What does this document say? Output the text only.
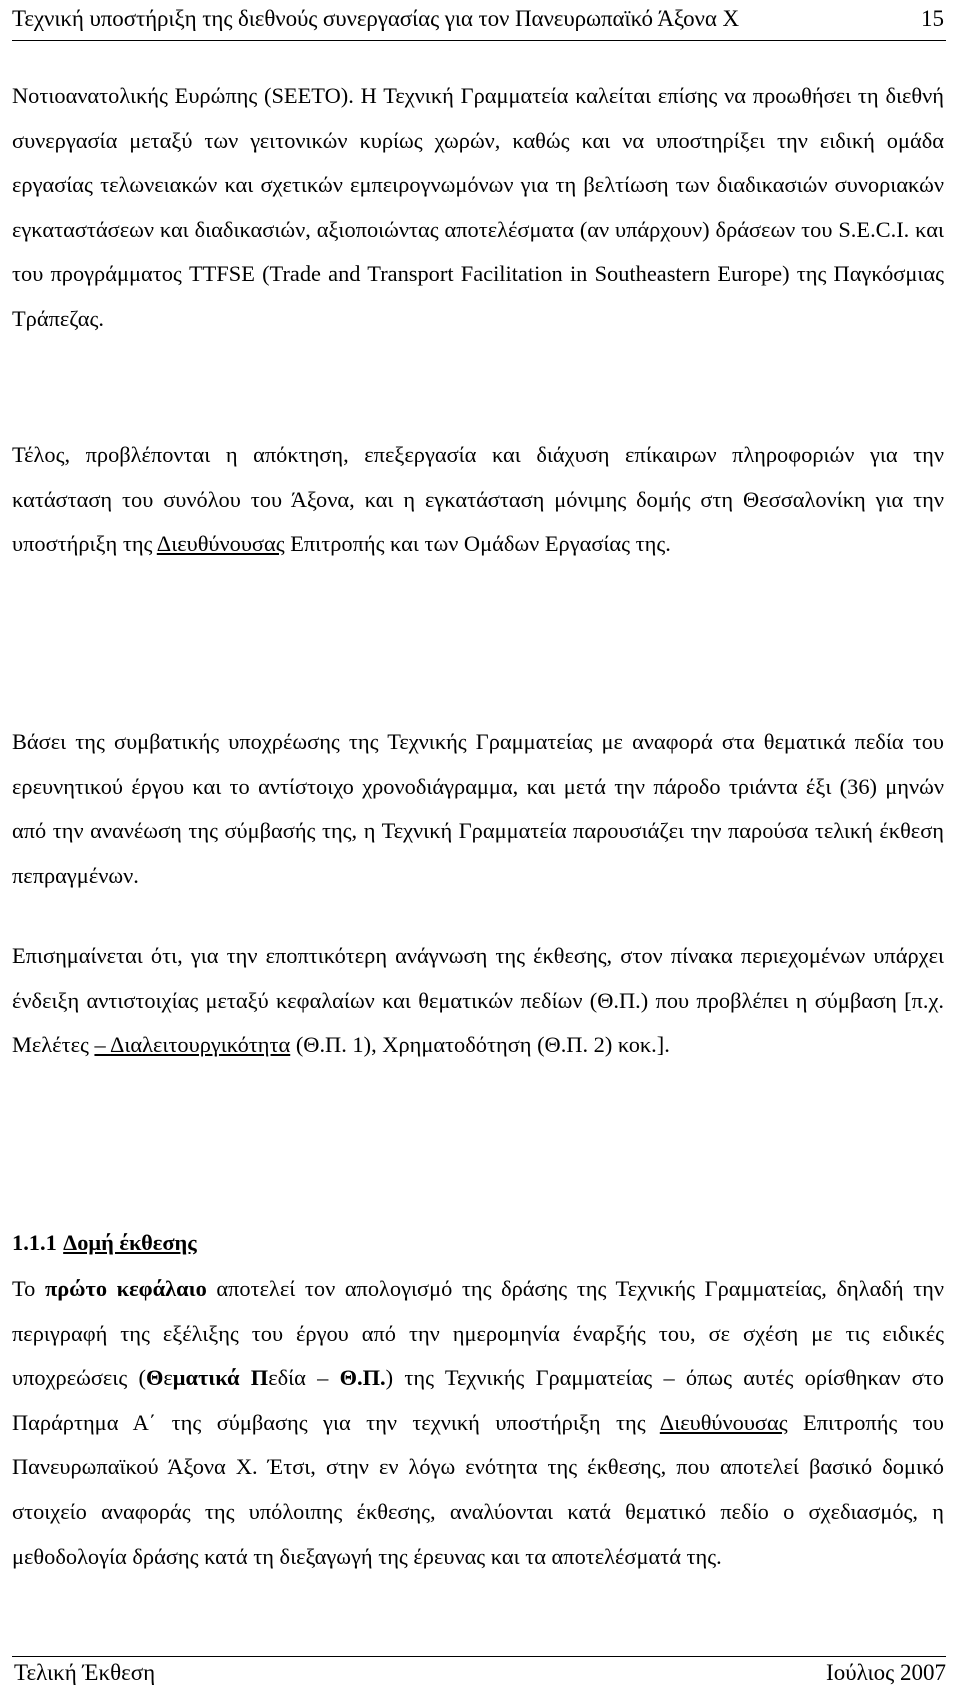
Τεχνική υποστήριξη της διεθνούς συνεργασίας για τον Πανευρωπαϊκό Άξονα Χ	15

Νοτιοανατολικής Ευρώπης (SEETO). Η Τεχνική Γραμματεία καλείται επίσης να προωθήσει τη διεθνή συνεργασία μεταξύ των γειτονικών κυρίως χωρών, καθώς και να υποστηρίξει την ειδική ομάδα εργασίας τελωνειακών και σχετικών εμπειρογνωμόνων για τη βελτίωση των διαδικασιών συνοριακών εγκαταστάσεων και διαδικασιών, αξιοποιώντας αποτελέσματα (αν υπάρχουν) δράσεων του S.E.C.I. και του προγράμματος TTFSE (Trade and Transport Facilitation in Southeastern Europe) της Παγκόσμιας Τράπεζας.

Τέλος, προβλέπονται η απόκτηση, επεξεργασία και διάχυση επίκαιρων πληροφοριών για την κατάσταση του συνόλου του Άξονα, και η εγκατάσταση μόνιμης δομής στη Θεσσαλονίκη για την υποστήριξη της Διευθύνουσας Επιτροπής και των Ομάδων Εργασίας της.

Βάσει της συμβατικής υποχρέωσης της Τεχνικής Γραμματείας με αναφορά στα θεματικά πεδία του ερευνητικού έργου και το αντίστοιχο χρονοδιάγραμμα, και μετά την πάροδο τριάντα έξι (36) μηνών από την ανανέωση της σύμβασής της, η Τεχνική Γραμματεία παρουσιάζει την παρούσα τελική έκθεση πεπραγμένων.

Επισημαίνεται ότι, για την εποπτικότερη ανάγνωση της έκθεσης, στον πίνακα περιεχομένων υπάρχει ένδειξη αντιστοιχίας μεταξύ κεφαλαίων και θεματικών πεδίων (Θ.Π.) που προβλέπει η σύμβαση [π.χ. Μελέτες – Διαλειτουργικότητα (Θ.Π. 1), Χρηματοδότηση (Θ.Π. 2) κοκ.].

1.1.1 Δομή έκθεσης

Το πρώτο κεφάλαιο αποτελεί τον απολογισμό της δράσης της Τεχνικής Γραμματείας, δηλαδή την περιγραφή της εξέλιξης του έργου από την ημερομηνία έναρξής του, σε σχέση με τις ειδικές υποχρεώσεις (Θεματικά Πεδία – Θ.Π.) της Τεχνικής Γραμματείας – όπως αυτές ορίσθηκαν στο Παράρτημα Α΄ της σύμβασης για την τεχνική υποστήριξη της Διευθύνουσας Επιτροπής του Πανευρωπαϊκού Άξονα Χ. Έτσι, στην εν λόγω ενότητα της έκθεσης, που αποτελεί βασικό δομικό στοιχείο αναφοράς της υπόλοιπης έκθεσης, αναλύονται κατά θεματικό πεδίο ο σχεδιασμός, η μεθοδολογία δράσης κατά τη διεξαγωγή της έρευνας και τα αποτελέσματά της.

Τελική Έκθεση	Ιούλιος 2007
